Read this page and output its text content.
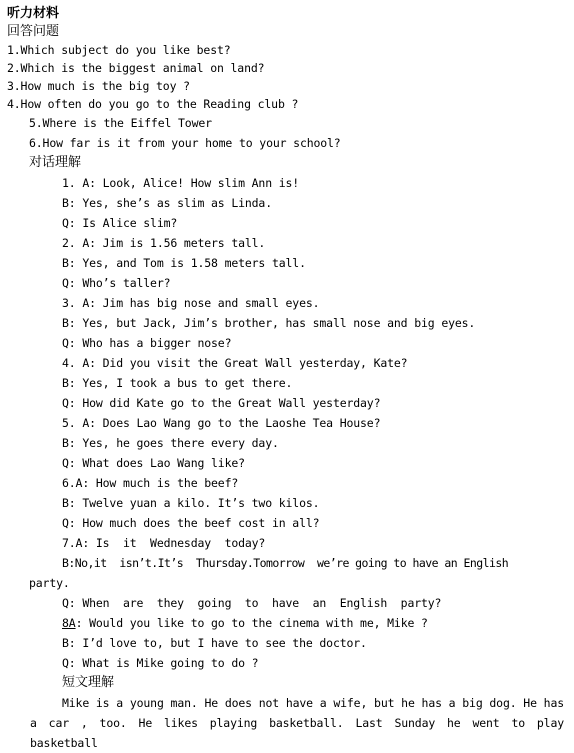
听力材料
回答问题
1.Which subject do you like best?
2.Which is the biggest animal on land?
3.How much is the big toy ?
4.How often do you go to the Reading club ?
5.Where is the Eiffel Tower
6.How far is it from your home to your school?
对话理解
1. A: Look, Alice! How slim Ann is!
B: Yes, she’s as slim as Linda.
Q: Is Alice slim?
2. A: Jim is 1.56 meters tall.
B: Yes, and Tom is 1.58 meters tall.
Q: Who’s taller?
3. A: Jim has big nose and small eyes.
B: Yes, but Jack, Jim’s brother, has small nose and big eyes.
Q: Who has a bigger nose?
4. A: Did you visit the Great Wall yesterday, Kate?
B: Yes, I took a bus to get there.
Q: How did Kate go to the Great Wall yesterday?
5. A: Does Lao Wang go to the Laoshe Tea House?
B: Yes, he goes there every day.
Q: What does Lao Wang like?
6.A: How much is the beef?
B: Twelve yuan a kilo. It’s two kilos.
Q: How much does the beef cost in all?
7.A: Is  it  Wednesday  today?
B:No,it  isn’t.It’s  Thursday.Tomorrow  we’re going to have an English
party.
Q: When  are  they  going  to  have  an  English  party?
8A: Would you like to go to the cinema with me, Mike ?
B: I’d love to, but I have to see the doctor.
Q: What is Mike going to do ?
短文理解
Mike is a young man. He does not have a wife, but he has a big dog. He has a car , too. He likes playing basketball. Last Sunday he went to play basketball
